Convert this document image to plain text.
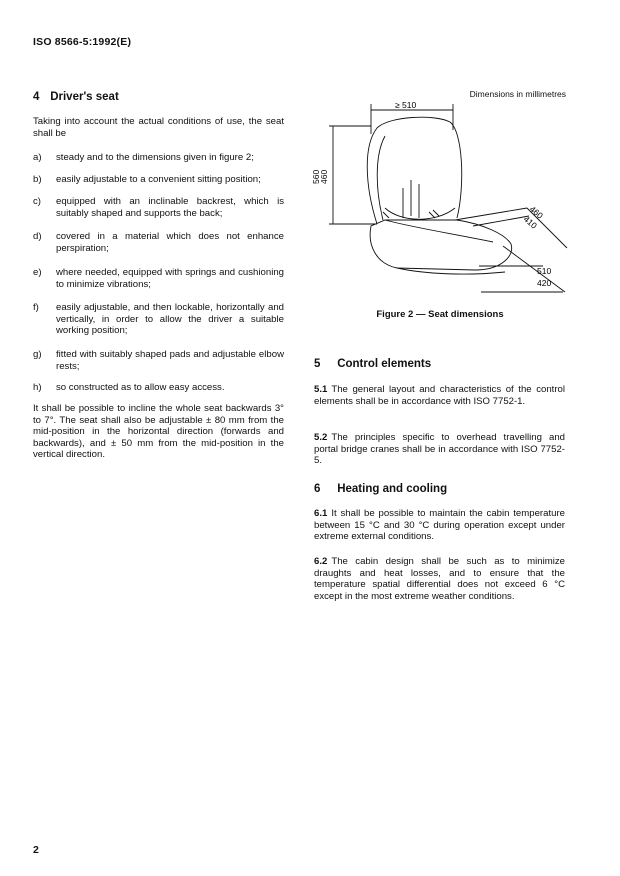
ISO 8566-5:1992(E)
4 Driver's seat
Taking into account the actual conditions of use, the seat shall be
a)	steady and to the dimensions given in figure 2;
b)	easily adjustable to a convenient sitting position;
c)	equipped with an inclinable backrest, which is suitably shaped and supports the back;
d)	covered in a material which does not enhance perspiration;
e)	where needed, equipped with springs and cushioning to minimize vibrations;
f)	easily adjustable, and then lockable, horizontally and vertically, in order to allow the driver a suitable working position;
g)	fitted with suitably shaped pads and adjustable elbow rests;
h)	so constructed as to allow easy access.
It shall be possible to incline the whole seat backwards 3° to 7°. The seat shall also be adjustable ± 80 mm from the mid-position in the horizontal direction (forwards and backwards), and ± 50 mm from the mid-position in the vertical direction.
Dimensions in millimetres
≥ 510
560
460
460
410
510
420
Figure 2 — Seat dimensions
5 Control elements
5.1 The general layout and characteristics of the control elements shall be in accordance with ISO 7752-1.
5.2 The principles specific to overhead travelling and portal bridge cranes shall be in accordance with ISO 7752-5.
6 Heating and cooling
6.1 It shall be possible to maintain the cabin temperature between 15 °C and 30 °C during operation except under extreme external conditions.
6.2 The cabin design shall be such as to minimize draughts and heat losses, and to ensure that the temperature spatial differential does not exceed 6 °C except in the most extreme weather conditions.
2
